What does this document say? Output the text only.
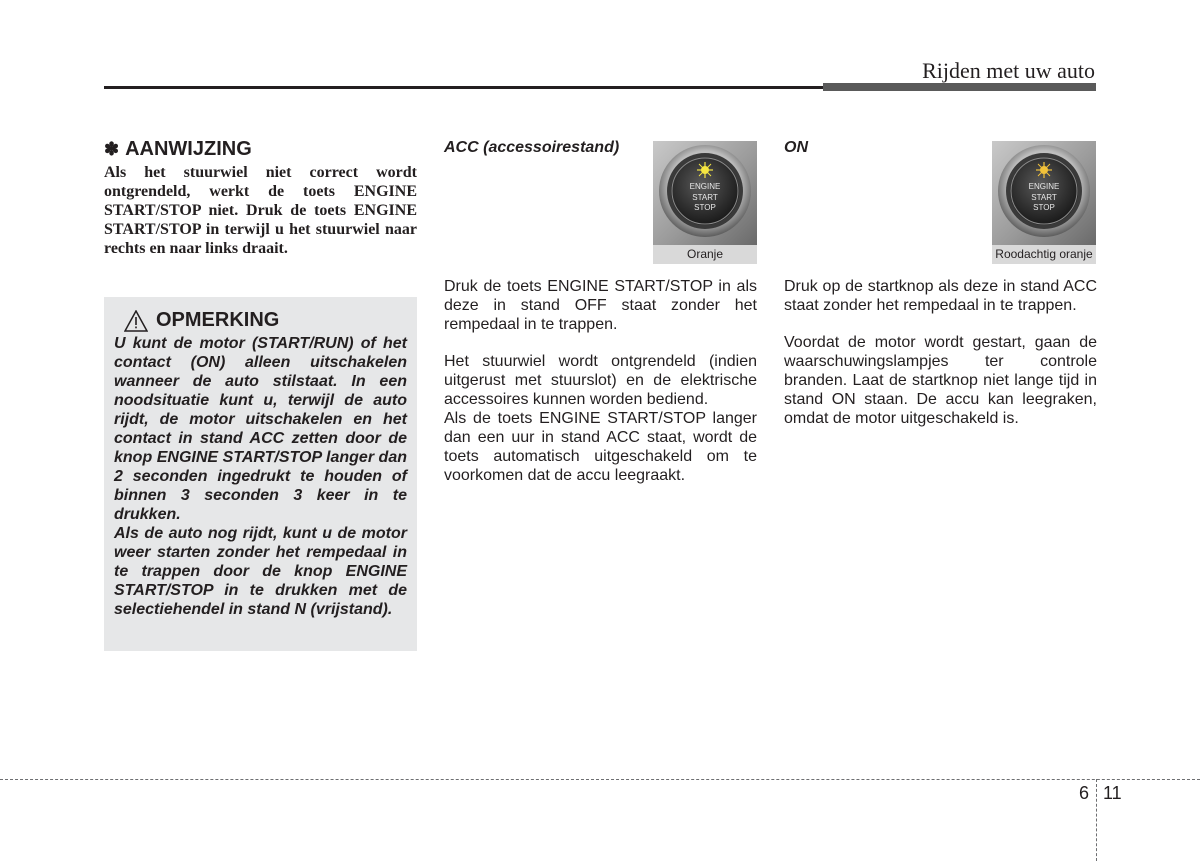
Rijden met uw auto
✽ AANWIJZING
Als het stuurwiel niet correct wordt ontgrendeld, werkt de toets ENGINE START/STOP niet. Druk de toets ENGINE START/STOP in terwijl u het stuurwiel naar rechts en naar links draait.
OPMERKING

U kunt de motor (START/RUN) of het contact (ON) alleen uitschakelen wanneer de auto stilstaat. In een noodsituatie kunt u, terwijl de auto rijdt, de motor uitschakelen en het contact in stand ACC zetten door de knop ENGINE START/STOP langer dan 2 seconden ingedrukt te houden of binnen 3 seconden 3 keer in te drukken.

Als de auto nog rijdt, kunt u de motor weer starten zonder het rempedaal in te trappen door de knop ENGINE START/STOP in te drukken met de selectiehendel in stand N (vrijstand).

ACC (accessoirestand)
ENGINE
START
STOP
Oranje

Druk de toets ENGINE START/STOP in als deze in stand OFF staat zonder het rempedaal in te trappen.

Het stuurwiel wordt ontgrendeld (indien uitgerust met stuurslot) en de elektrische accessoires kunnen worden bediend.

Als de toets ENGINE START/STOP langer dan een uur in stand ACC staat, wordt de toets automatisch uitgeschakeld om te voorkomen dat de accu leegraakt.

ON
ENGINE
START
STOP
Roodachtig oranje

Druk op de startknop als deze in stand ACC staat zonder het rempedaal in te trappen.

Voordat de motor wordt gestart, gaan de waarschuwingslampjes ter controle branden. Laat de startknop niet lange tijd in stand ON staan. De accu kan leegraken, omdat de motor uitgeschakeld is.

6 11
